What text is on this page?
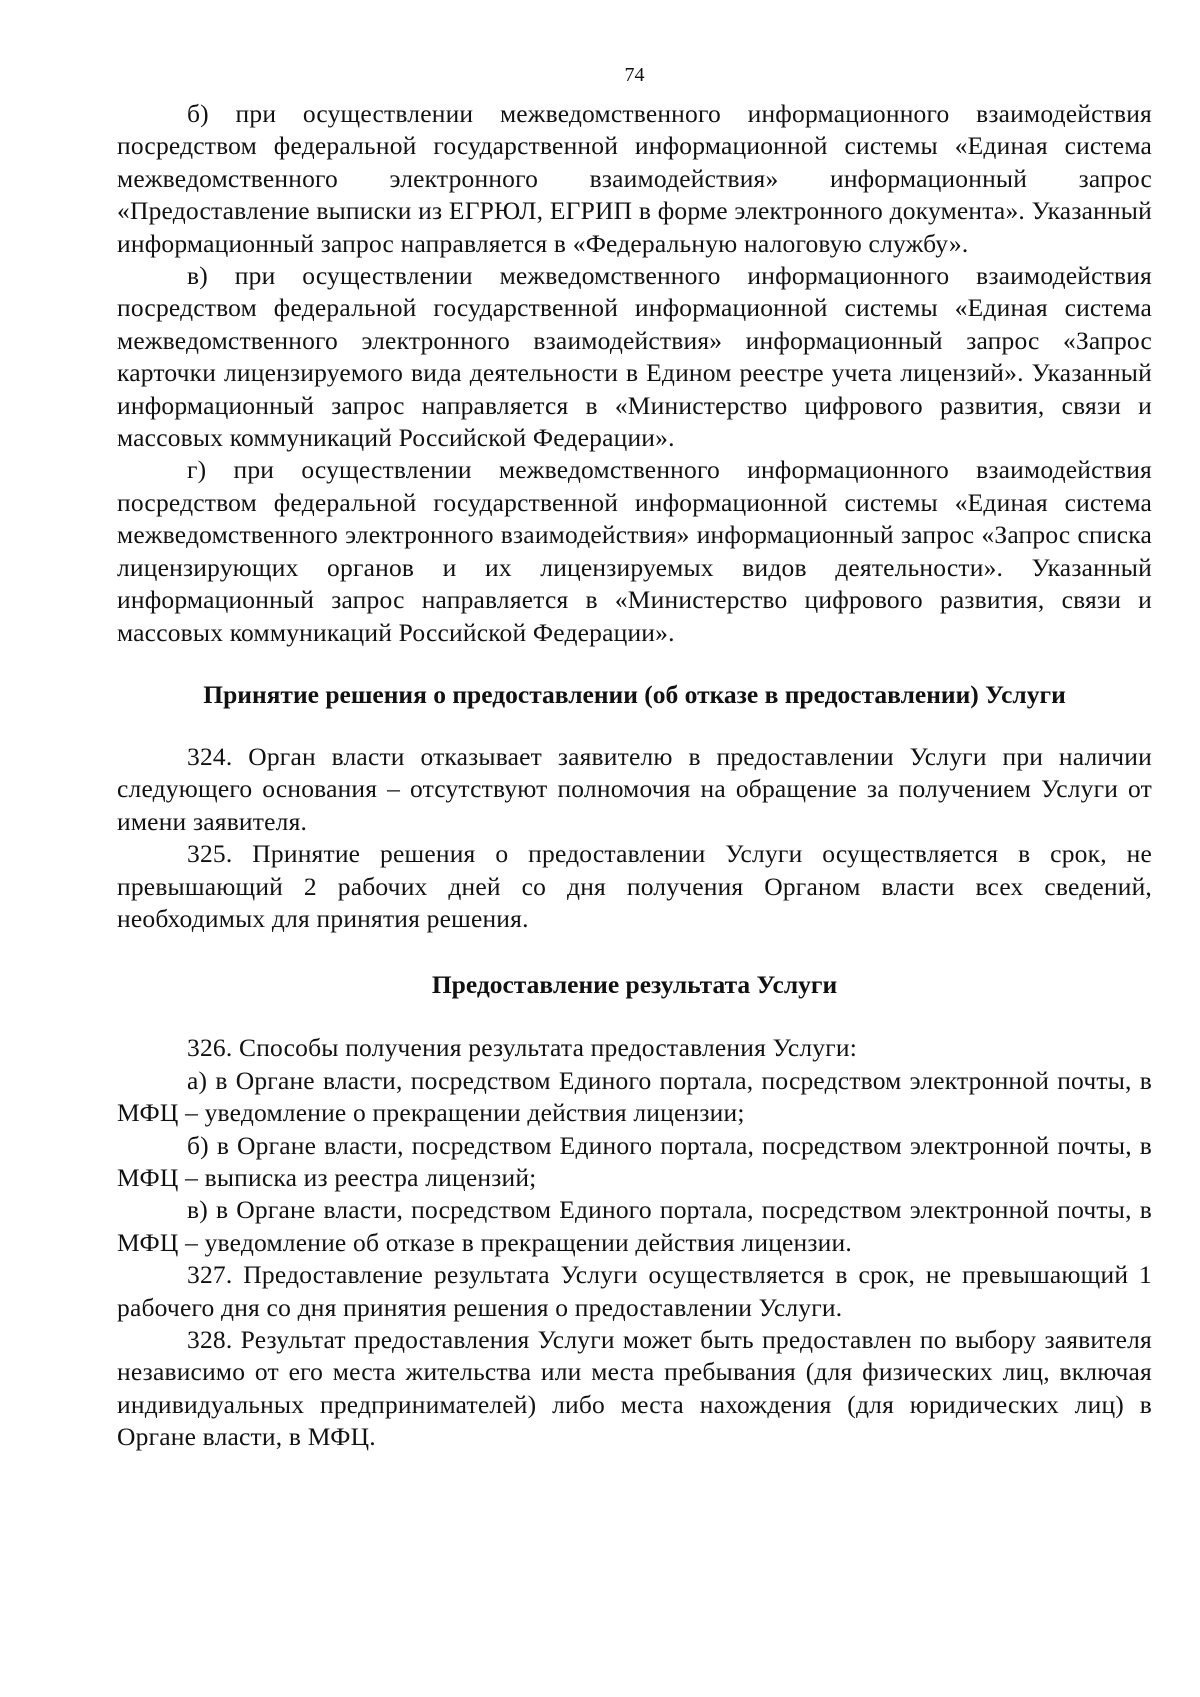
74

б) при осуществлении межведомственного информационного взаимодействия посредством федеральной государственной информационной системы «Единая система межведомственного электронного взаимодействия» информационный запрос «Предоставление выписки из ЕГРЮЛ, ЕГРИП в форме электронного документа». Указанный информационный запрос направляется в «Федеральную налоговую службу».

в) при осуществлении межведомственного информационного взаимодействия посредством федеральной государственной информационной системы «Единая система межведомственного электронного взаимодействия» информационный запрос «Запрос карточки лицензируемого вида деятельности в Едином реестре учета лицензий». Указанный информационный запрос направляется в «Министерство цифрового развития, связи и массовых коммуникаций Российской Федерации».

г) при осуществлении межведомственного информационного взаимодействия посредством федеральной государственной информационной системы «Единая система межведомственного электронного взаимодействия» информационный запрос «Запрос списка лицензирующих органов и их лицензируемых видов деятельности». Указанный информационный запрос направляется в «Министерство цифрового развития, связи и массовых коммуникаций Российской Федерации».

Принятие решения о предоставлении (об отказе в предоставлении) Услуги

324. Орган власти отказывает заявителю в предоставлении Услуги при наличии следующего основания – отсутствуют полномочия на обращение за получением Услуги от имени заявителя.

325. Принятие решения о предоставлении Услуги осуществляется в срок, не превышающий 2 рабочих дней со дня получения Органом власти всех сведений, необходимых для принятия решения.

Предоставление результата Услуги

326. Способы получения результата предоставления Услуги:

а) в Органе власти, посредством Единого портала, посредством электронной почты, в МФЦ – уведомление о прекращении действия лицензии;

б) в Органе власти, посредством Единого портала, посредством электронной почты, в МФЦ – выписка из реестра лицензий;

в) в Органе власти, посредством Единого портала, посредством электронной почты, в МФЦ – уведомление об отказе в прекращении действия лицензии.

327. Предоставление результата Услуги осуществляется в срок, не превышающий 1 рабочего дня со дня принятия решения о предоставлении Услуги.

328. Результат предоставления Услуги может быть предоставлен по выбору заявителя независимо от его места жительства или места пребывания (для физических лиц, включая индивидуальных предпринимателей) либо места нахождения (для юридических лиц) в Органе власти, в МФЦ.
